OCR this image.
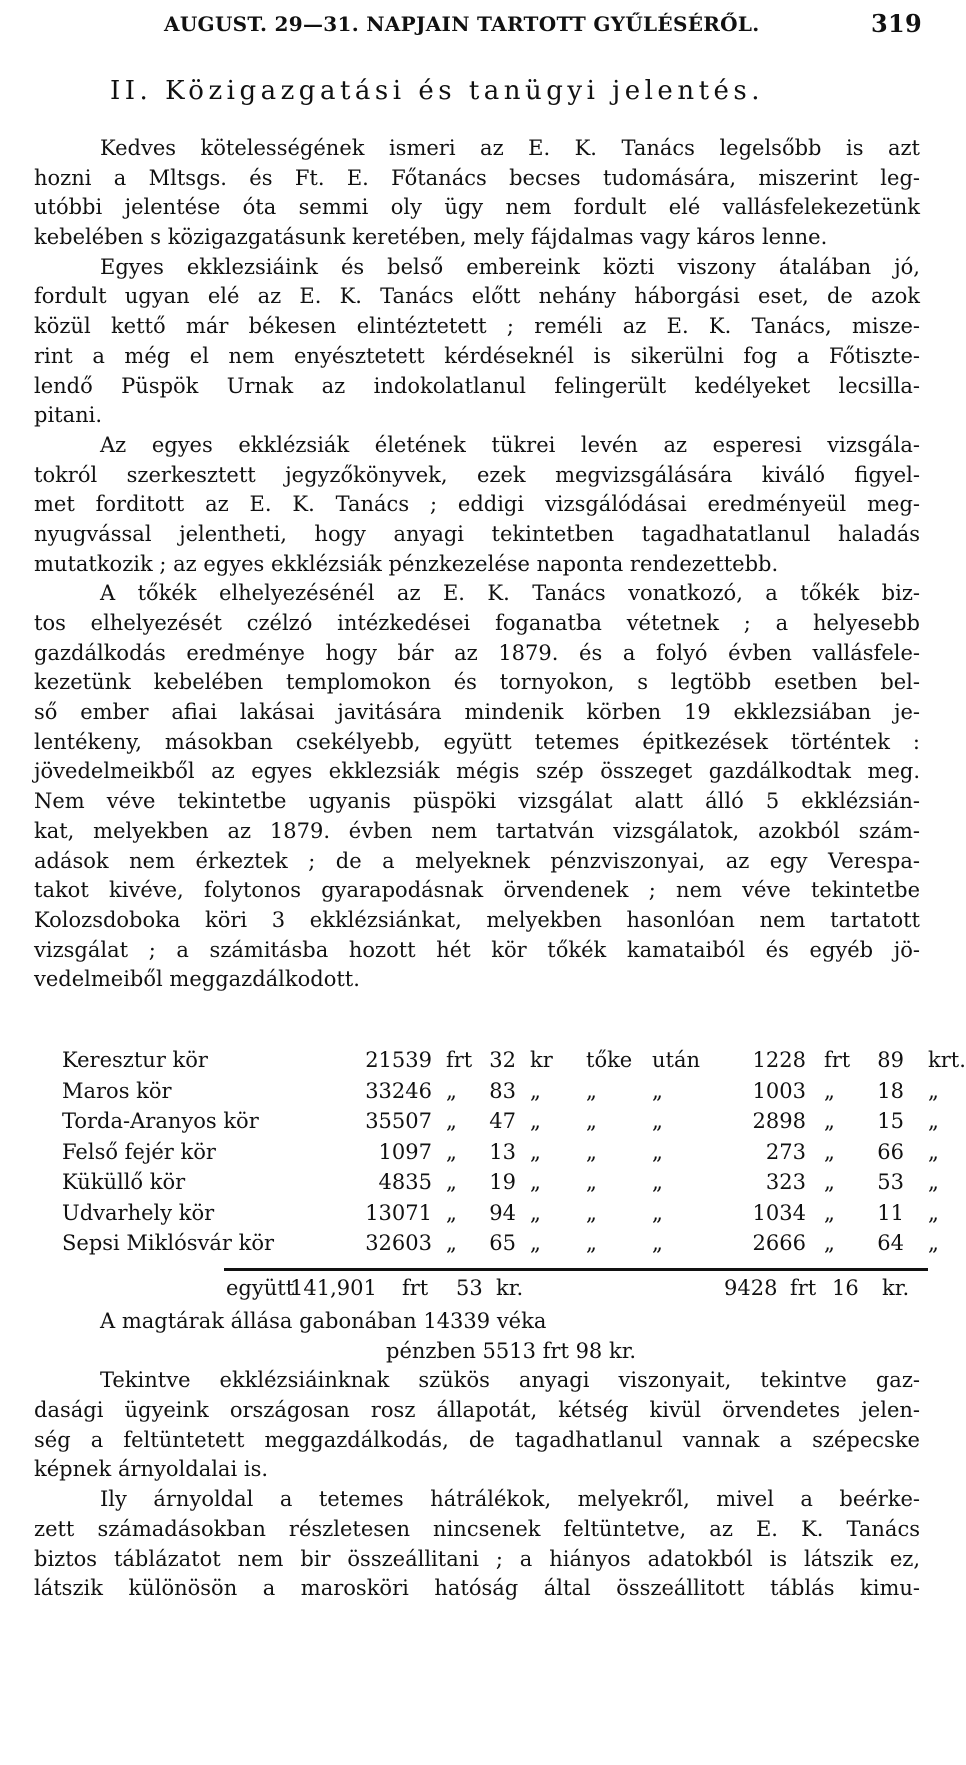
AUGUST. 29—31. NAPJAIN TARTOTT GYŰLÉSÉRŐL.	319
II. Közigazgatási és tanügyi jelentés.
Kedves kötelességének ismeri az E. K. Tanács legelsőbb is azt
hozni a Mltsgs. és Ft. E. Főtanács becses tudomására, miszerint leg-
utóbbi jelentése óta semmi oly ügy nem fordult elé vallásfelekezetünk
kebelében s közigazgatásunk keretében, mely fájdalmas vagy káros lenne.
Egyes ekklezsiáink és belső embereink közti viszony átalában jó,
fordult ugyan elé az E. K. Tanács előtt nehány háborgási eset, de azok
közül kettő már békesen elintéztetett ; reméli az E. K. Tanács, misze-
rint a még el nem enyésztetett kérdéseknél is sikerülni fog a Főtiszte-
lendő Püspök Urnak az indokolatlanul felingerült kedélyeket lecsilla-
pitani.
Az egyes ekklézsiák életének tükrei levén az esperesi vizsgála-
tokról szerkesztett jegyzőkönyvek, ezek megvizsgálására kiváló figyel-
met forditott az E. K. Tanács ; eddigi vizsgálódásai eredményeül meg-
nyugvással jelentheti, hogy anyagi tekintetben tagadhatatlanul haladás
mutatkozik ; az egyes ekklézsiák pénzkezelése naponta rendezettebb.
A tőkék elhelyezésénél az E. K. Tanács vonatkozó, a tőkék biz-
tos elhelyezését czélzó intézkedései foganatba vétetnek ; a helyesebb
gazdálkodás eredménye hogy bár az 1879. és a folyó évben vallásfele-
kezetünk kebelében templomokon és tornyokon, s legtöbb esetben bel-
ső ember afiai lakásai javitására mindenik körben 19 ekklezsiában je-
lentékeny, másokban csekélyebb, együtt tetemes épitkezések történtek :
jövedelmeikből az egyes ekklezsiák mégis szép összeget gazdálkodtak meg.
Nem véve tekintetbe ugyanis püspöki vizsgálat alatt álló 5 ekklézsián-
kat, melyekben az 1879. évben nem tartatván vizsgálatok, azokból szám-
adások nem érkeztek ; de a melyeknek pénzviszonyai, az egy Verespa-
takot kivéve, folytonos gyarapodásnak örvendenek ; nem véve tekintetbe
Kolozsdoboka köri 3 ekklézsiánkat, melyekben hasonlóan nem tartatott
vizsgálat ; a számitásba hozott hét kör tőkék kamataiból és egyéb jö-
vedelmeiből meggazdálkodott.
Keresztur kör	21539 frt 32 kr tőke után	1228 frt	89 krt.
Maros kör	33246 „	83 „ „	„	1003 „	18 „
Torda-Aranyos kör	35507 „	47 „ „	„	2898 „	15 „
Felső fejér kör	1097 „	13 „ „	„	273 „	66 „
Küküllő kör	4835 „	19 „ „	„	323 „	53 „
Udvarhely kör	13071 „	94 „ „	„	1034 „	11 „
Sepsi Miklósvár kör	32603 „	65 „ „	„	2666 „	64 „
együtt
141,901 frt 53 kr.	9428 frt 16 kr.
A magtárak állása gabonában 14339 véka
pénzben 5513 frt 98 kr.
Tekintve ekklézsiáinknak szükös anyagi viszonyait, tekintve gaz-
dasági ügyeink országosan rosz állapotát, kétség kivül örvendetes jelen-
ség a feltüntetett meggazdálkodás, de tagadhatlanul vannak a szépecske
képnek árnyoldalai is.
Ily árnyoldal a tetemes hátrálékok, melyekről, mivel a beérke-
zett számadásokban részletesen nincsenek feltüntetve, az E. K. Tanács
biztos táblázatot nem bir összeállitani ; a hiányos adatokból is látszik ez,
látszik különösön a marosköri hatóság által összeállitott táblás kimu-
